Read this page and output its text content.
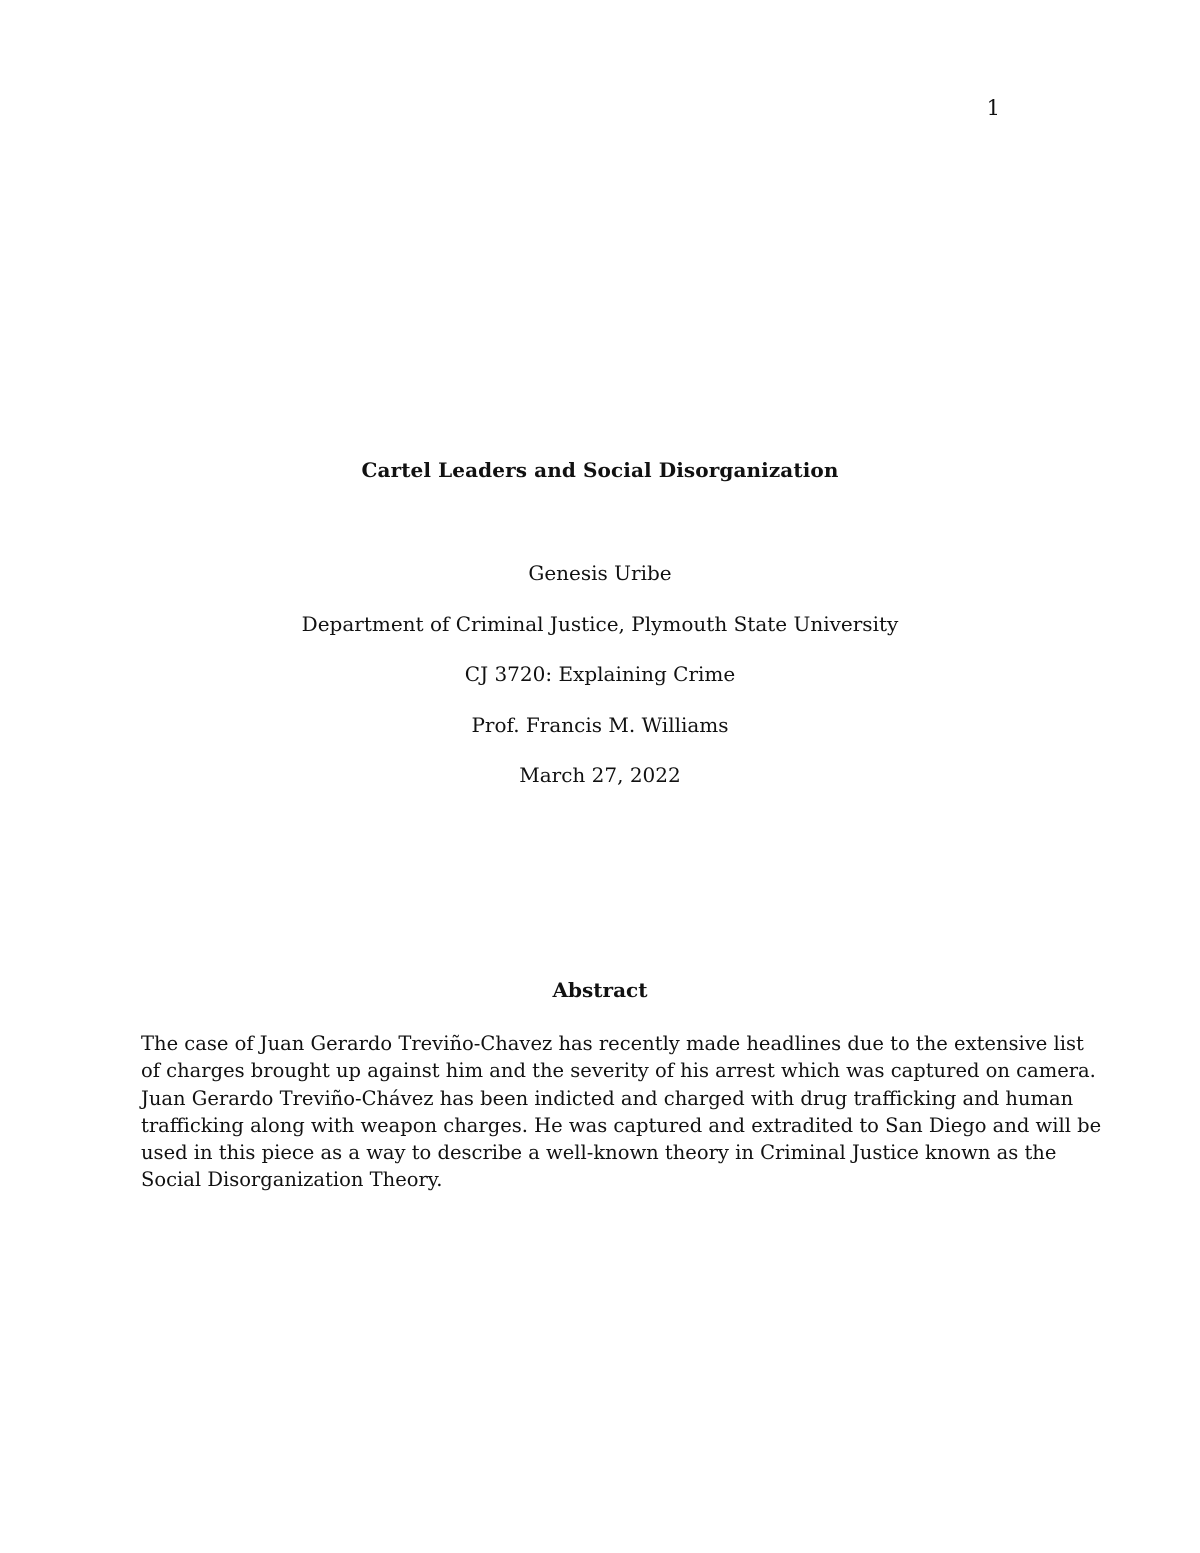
1
Cartel Leaders and Social Disorganization
Genesis Uribe
Department of Criminal Justice, Plymouth State University
CJ 3720: Explaining Crime
Prof. Francis M. Williams
March 27, 2022
Abstract
The case of Juan Gerardo Treviño-Chavez has recently made headlines due to the extensive list
of charges brought up against him and the severity of his arrest which was captured on camera.
Juan Gerardo Treviño-Chávez has been indicted and charged with drug trafficking and human
trafficking along with weapon charges. He was captured and extradited to San Diego and will be
used in this piece as a way to describe a well-known theory in Criminal Justice known as the
Social Disorganization Theory.
